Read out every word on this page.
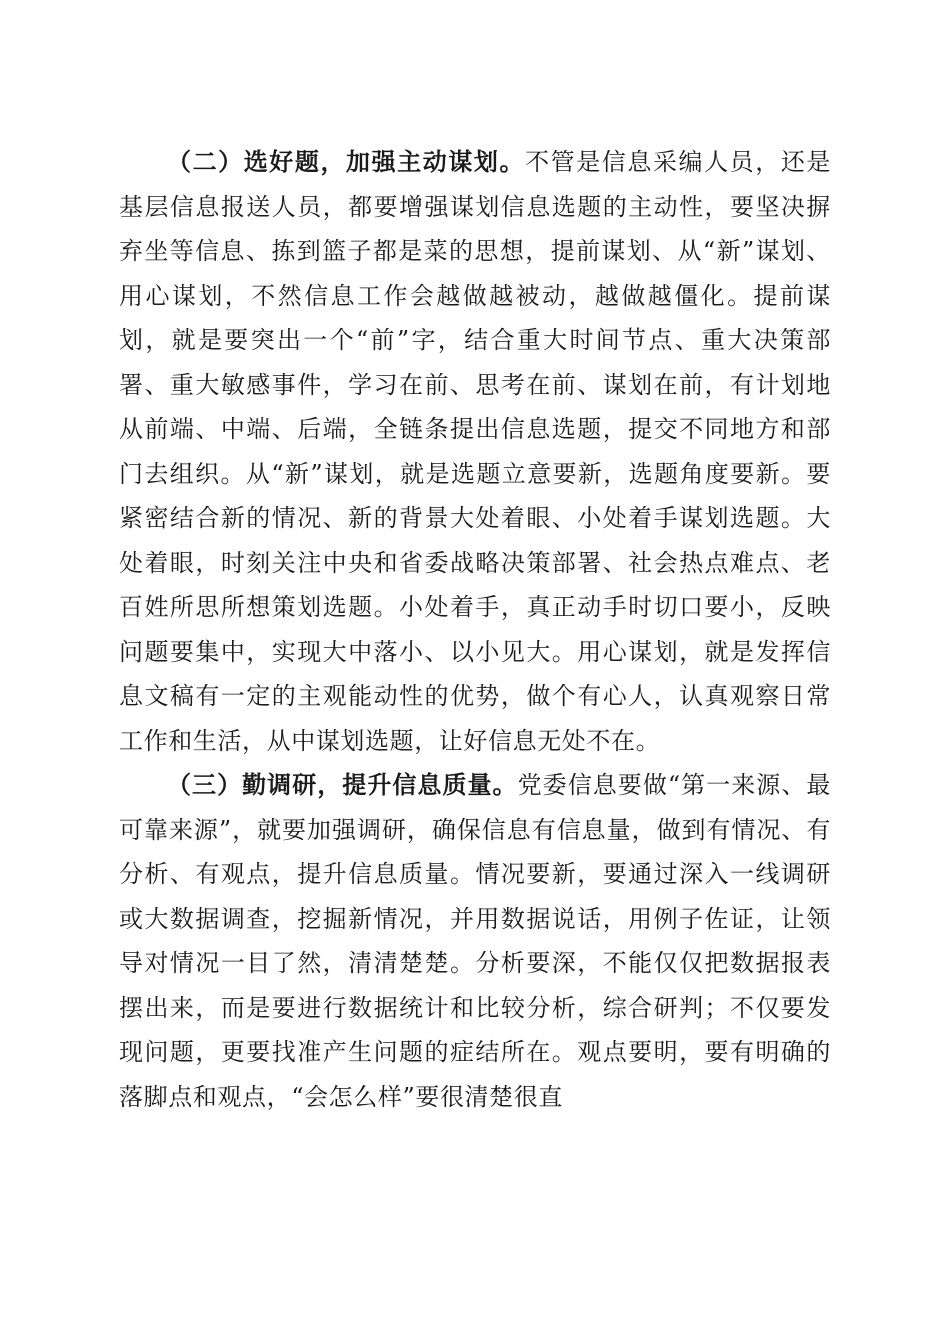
（二）选好题，加强主动谋划。不管是信息采编人员，还是基层信息报送人员，都要增强谋划信息选题的主动性，要坚决摒弃坐等信息、拣到篮子都是菜的思想，提前谋划、从“新”谋划、用心谋划，不然信息工作会越做越被动，越做越僵化。提前谋划，就是要突出一个“前”字，结合重大时间节点、重大决策部署、重大敏感事件，学习在前、思考在前、谋划在前，有计划地从前端、中端、后端，全链条提出信息选题，提交不同地方和部门去组织。从“新”谋划，就是选题立意要新，选题角度要新。要紧密结合新的情况、新的背景大处着眼、小处着手谋划选题。大处着眼，时刻关注中央和省委战略决策部署、社会热点难点、老百姓所思所想策划选题。小处着手，真正动手时切口要小，反映问题要集中，实现大中落小、以小见大。用心谋划，就是发挥信息文稿有一定的主观能动性的优势，做个有心人，认真观察日常工作和生活，从中谋划选题，让好信息无处不在。

（三）勤调研，提升信息质量。党委信息要做“第一来源、最可靠来源”，就要加强调研，确保信息有信息量，做到有情况、有分析、有观点，提升信息质量。情况要新，要通过深入一线调研或大数据调查，挖掘新情况，并用数据说话，用例子佐证，让领导对情况一目了然，清清楚楚。分析要深，不能仅仅把数据报表摆出来，而是要进行数据统计和比较分析，综合研判；不仅要发现问题，更要找准产生问题的症结所在。观点要明，要有明确的落脚点和观点，“会怎么样”要很清楚很直
